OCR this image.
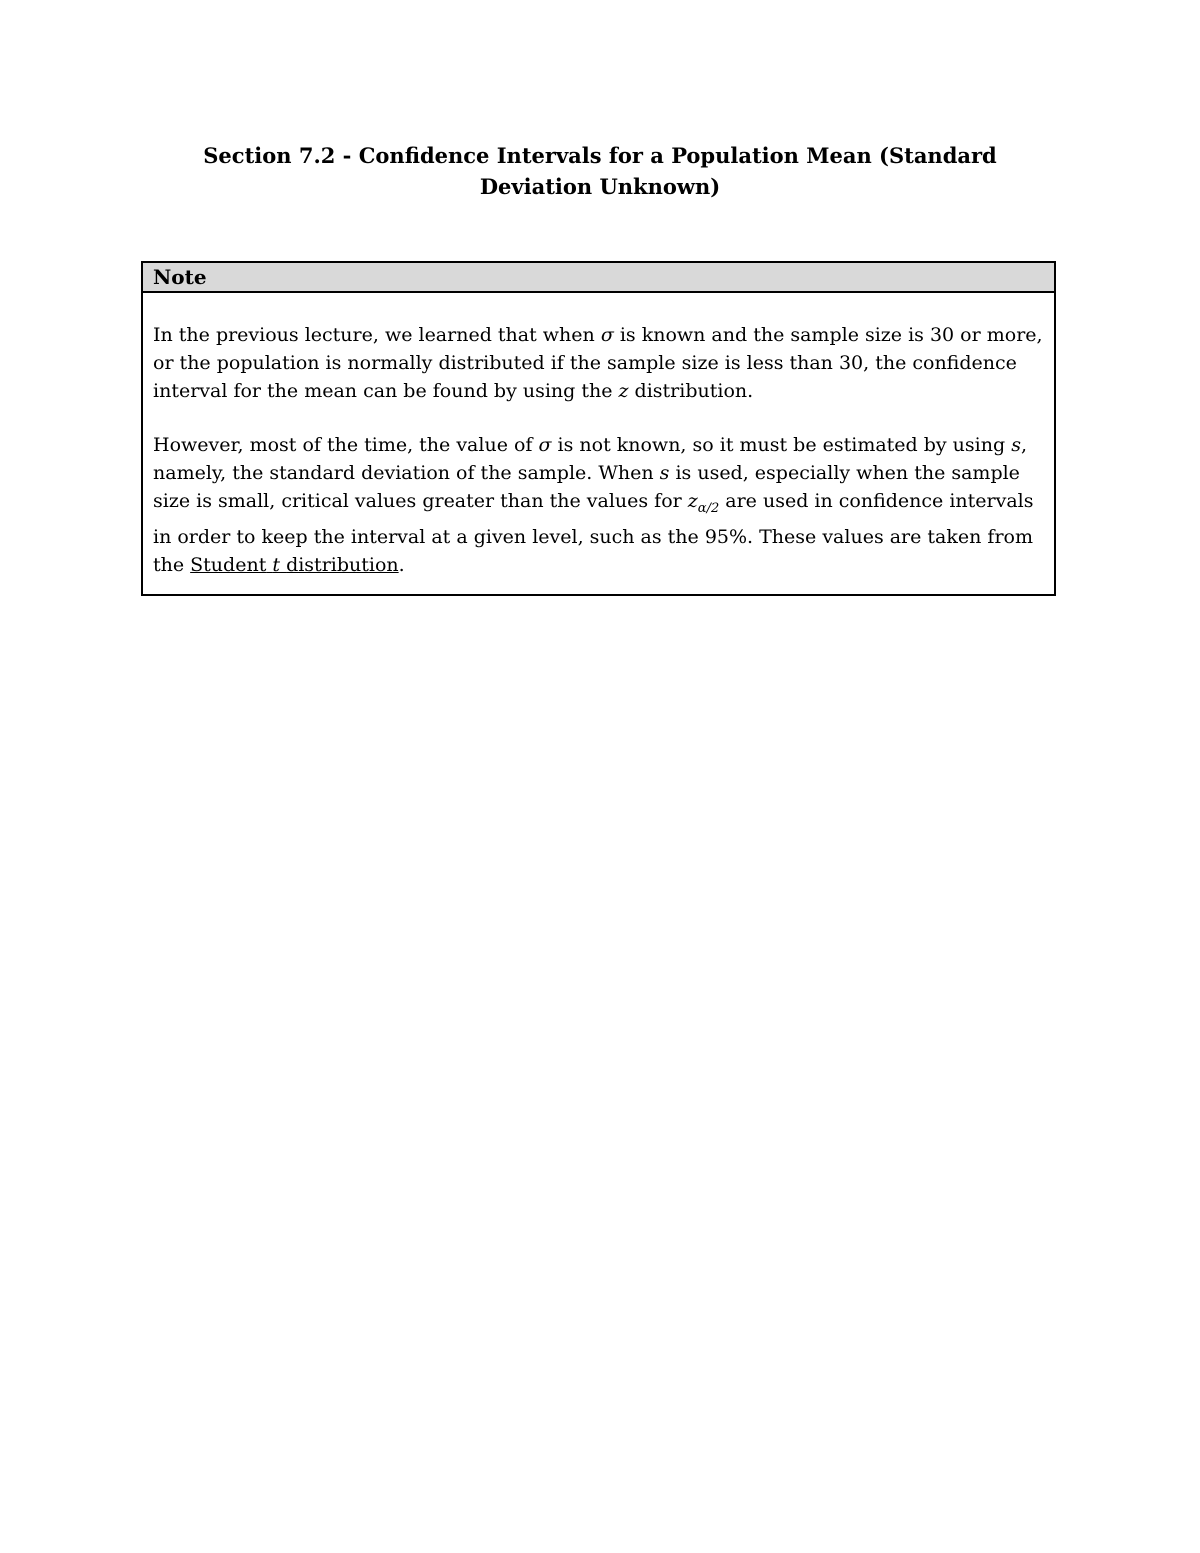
Section 7.2 - Confidence Intervals for a Population Mean (Standard Deviation Unknown)
Note

In the previous lecture, we learned that when σ is known and the sample size is 30 or more, or the population is normally distributed if the sample size is less than 30, the confidence interval for the mean can be found by using the z distribution.

However, most of the time, the value of σ is not known, so it must be estimated by using s, namely, the standard deviation of the sample. When s is used, especially when the sample size is small, critical values greater than the values for $z_{\alpha/2}$ are used in confidence intervals in order to keep the interval at a given level, such as the 95%. These values are taken from the Student t distribution.
